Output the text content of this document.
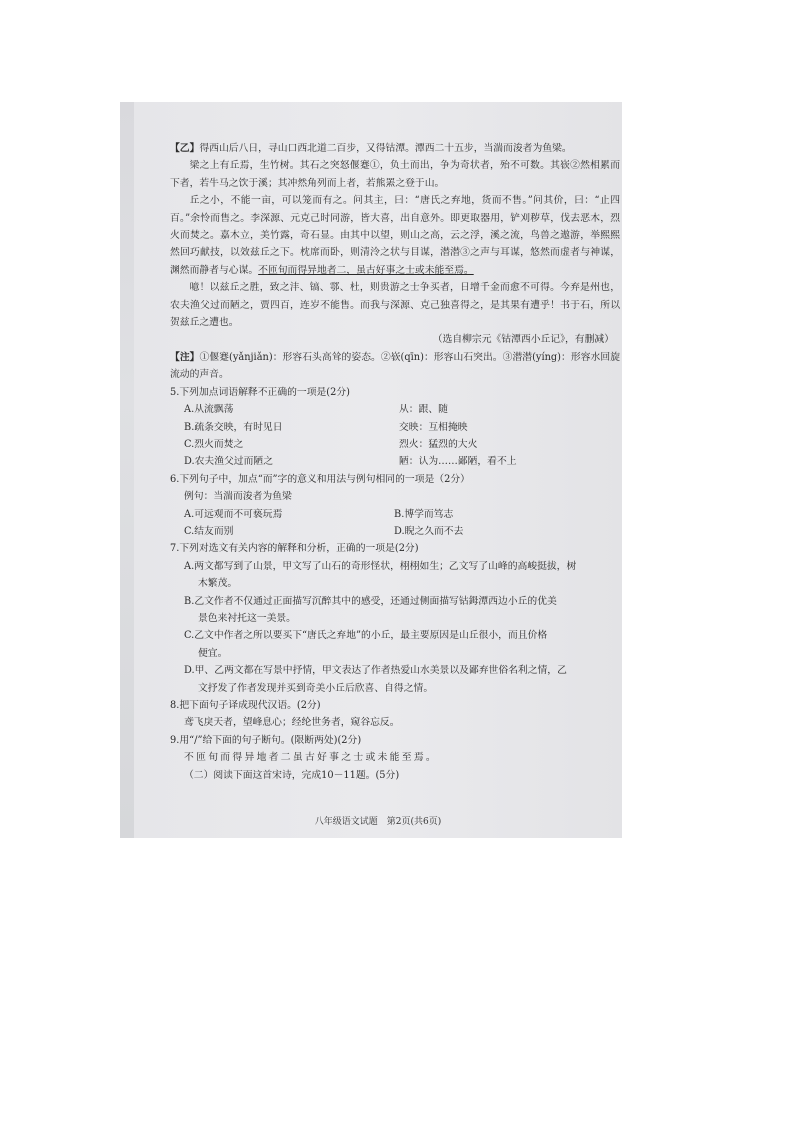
【乙】得西山后八日，寻山口西北道二百步，又得钴潭。潭西二十五步，当湍而浚者为鱼梁。

梁之上有丘焉，生竹树。其石之突怒偃蹇①，负土而出，争为奇状者，殆不可数。其嵚②然相累而下者，若牛马之饮于溪；其冲然角列而上者，若熊罴之登于山。

丘之小，不能一亩，可以笼而有之。问其主，曰：“唐氏之弃地，货而不售。”问其价，曰：“止四百。”余怜而售之。李深源、元克己时同游，皆大喜，出自意外。即更取器用，铲刈秽草，伐去恶木，烈火而焚之。嘉木立，美竹露，奇石显。由其中以望，则山之高，云之浮，溪之流，鸟兽之遨游，举熙熙然回巧献技，以效兹丘之下。枕席而卧，则清泠之状与目谋，潜潜③之声与耳谋，悠然而虚者与神谋，渊然而静者与心谋。不匝旬而得异地者二，虽古好事之士或未能至焉。

噫！以兹丘之胜，致之沣、镐、鄠、杜，则贵游之士争买者，日增千金而愈不可得。今弃是州也，农夫渔父过而陋之，贾四百，连岁不能售。而我与深源、克己独喜得之，是其果有遭乎！书于石，所以贺兹丘之遭也。

（选自柳宗元《钴潭西小丘记》，有删减）

【注】①偃蹇(yǎnjiǎn)：形容石头高耸的姿态。②嵚(qīn)：形容山石突出。③潜潜(yíng)：形容水回旋流动的声音。

5.下列加点词语解释不正确的一项是(2分)

A.从流飘荡	从：跟、随
B.疏条交映，有时见日	交映：互相掩映
C.烈火而焚之	烈火：猛烈的大火
D.农夫渔父过而陋之	陋：认为……鄙陋，看不上

6.下列句子中，加点“而”字的意义和用法与例句相同的一项是（2分）

例句：当湍而浚者为鱼梁

A.可远观而不可亵玩焉	B.博学而笃志
C.结友而别	D.睨之久而不去

7.下列对选文有关内容的解释和分析，正确的一项是(2分)

A.两文都写到了山景，甲文写了山石的奇形怪状，栩栩如生；乙文写了山峰的高峻挺拔，树

木繁茂。

B.乙文作者不仅通过正面描写沉醉其中的感受，还通过侧面描写钴鉧潭西边小丘的优美

景色来衬托这一美景。

C.乙文中作者之所以要买下“唐氏之弃地”的小丘，最主要原因是山丘很小，而且价格

便宜。

D.甲、乙两文都在写景中抒情，甲文表达了作者热爱山水美景以及鄙弃世俗名利之情，乙

文抒发了作者发现并买到奇美小丘后欣喜、自得之情。

8.把下面句子译成现代汉语。(2分)

鸢飞戾天者，望峰息心；经纶世务者，窥谷忘反。

9.用“/”给下面的句子断句。(限断两处)(2分)

不匝旬而得异地者二虽古好事之士或未能至焉。

（二）阅读下面这首宋诗，完成10－11题。(5分)

八年级语文试题　第2页(共6页)
